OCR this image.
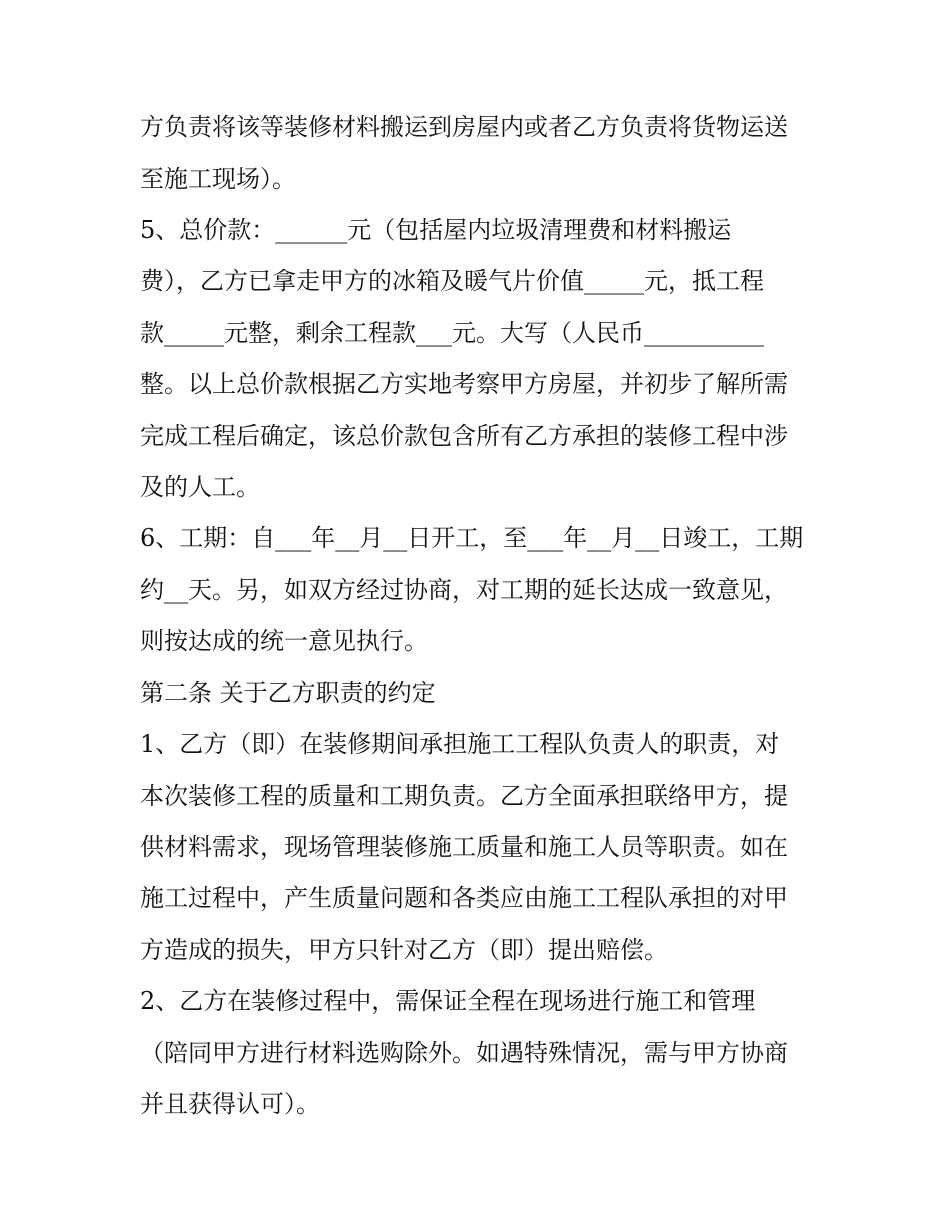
方负责将该等装修材料搬运到房屋内或者乙方负责将货物运送
至施工现场）。
5、总价款：______元（包括屋内垃圾清理费和材料搬运
费），乙方已拿走甲方的冰箱及暖气片价值_____元，抵工程
款_____元整，剩余工程款___元。大写（人民币__________
整。以上总价款根据乙方实地考察甲方房屋，并初步了解所需
完成工程后确定，该总价款包含所有乙方承担的装修工程中涉
及的人工。
6、工期：自___年__月__日开工，至___年__月__日竣工，工期
约__天。另，如双方经过协商，对工期的延长达成一致意见，
则按达成的统一意见执行。
第二条 关于乙方职责的约定
1、乙方（即）在装修期间承担施工工程队负责人的职责，对
本次装修工程的质量和工期负责。乙方全面承担联络甲方，提
供材料需求，现场管理装修施工质量和施工人员等职责。如在
施工过程中，产生质量问题和各类应由施工工程队承担的对甲
方造成的损失，甲方只针对乙方（即）提出赔偿。
2、乙方在装修过程中，需保证全程在现场进行施工和管理
（陪同甲方进行材料选购除外。如遇特殊情况，需与甲方协商
并且获得认可）。
